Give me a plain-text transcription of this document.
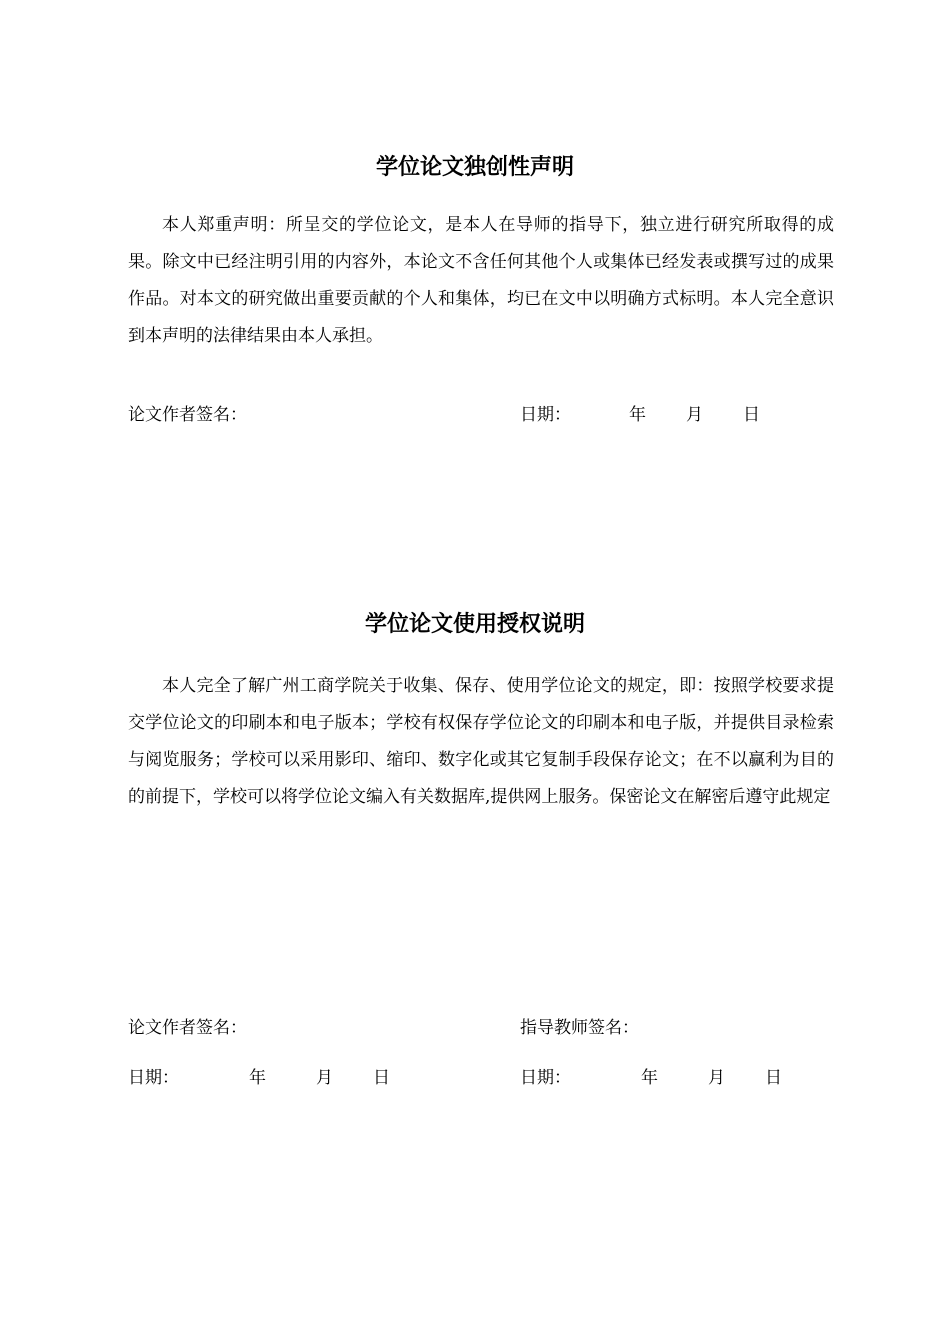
学位论文独创性声明
本人郑重声明：所呈交的学位论文，是本人在导师的指导下，独立进行研究所取得的成果。除文中已经注明引用的内容外，本论文不含任何其他个人或集体已经发表或撰写过的成果作品。对本文的研究做出重要贡献的个人和集体，均已在文中以明确方式标明。本人完全意识到本声明的法律结果由本人承担。
论文作者签名：	日期：	年 月 日
学位论文使用授权说明
本人完全了解广州工商学院关于收集、保存、使用学位论文的规定，即：按照学校要求提交学位论文的印刷本和电子版本；学校有权保存学位论文的印刷本和电子版，并提供目录检索与阅览服务；学校可以采用影印、缩印、数字化或其它复制手段保存论文；在不以赢利为目的的前提下，学校可以将学位论文编入有关数据库,提供网上服务。保密论文在解密后遵守此规定
论文作者签名：	指导教师签名：
日期：	年	月 日	日期：	年	月 日
